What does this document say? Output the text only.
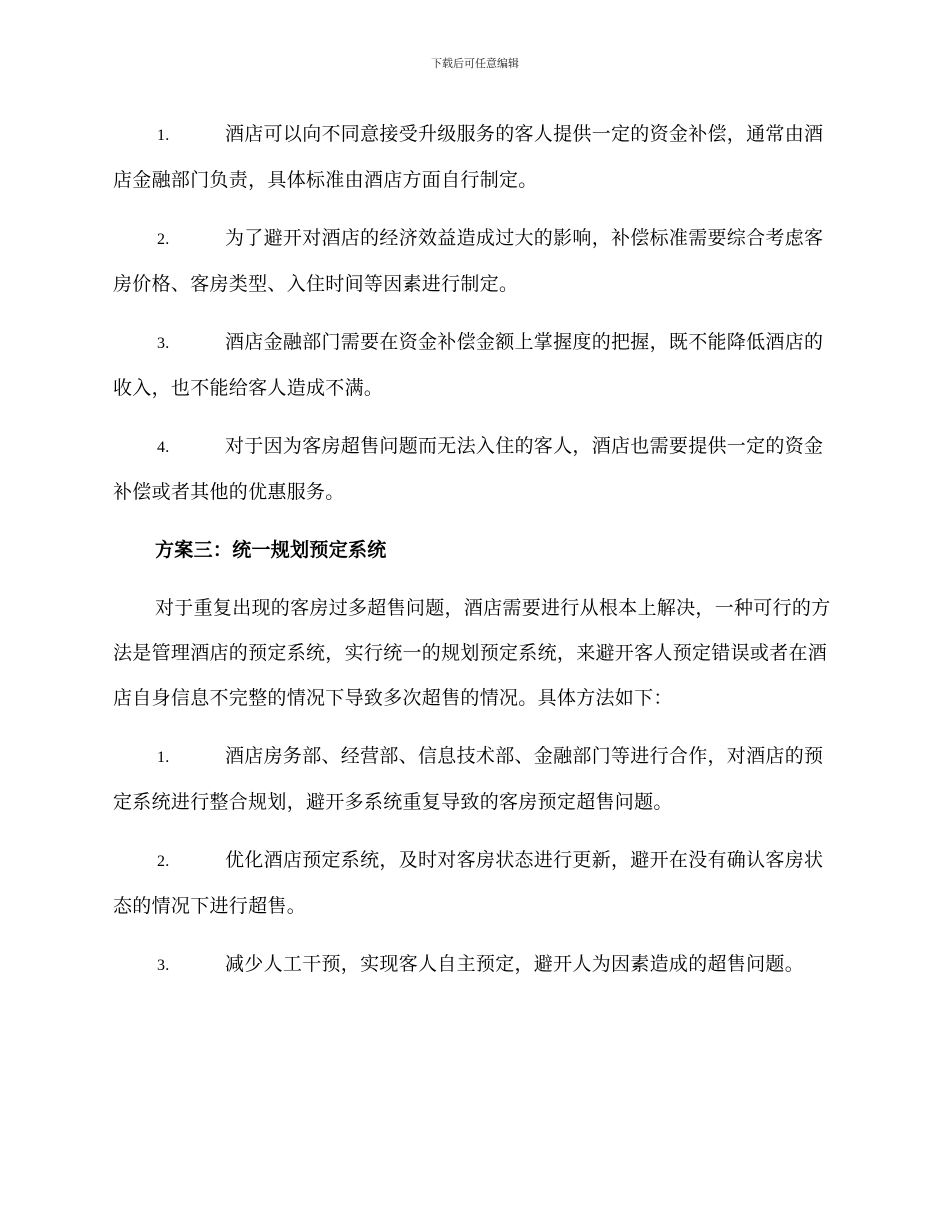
下载后可任意编辑
1.	酒店可以向不同意接受升级服务的客人提供一定的资金补偿，通常由酒店金融部门负责，具体标准由酒店方面自行制定。
2.	为了避开对酒店的经济效益造成过大的影响，补偿标准需要综合考虑客房价格、客房类型、入住时间等因素进行制定。
3.	酒店金融部门需要在资金补偿金额上掌握度的把握，既不能降低酒店的收入，也不能给客人造成不满。
4.	对于因为客房超售问题而无法入住的客人，酒店也需要提供一定的资金补偿或者其他的优惠服务。
方案三：统一规划预定系统
对于重复出现的客房过多超售问题，酒店需要进行从根本上解决，一种可行的方法是管理酒店的预定系统，实行统一的规划预定系统，来避开客人预定错误或者在酒店自身信息不完整的情况下导致多次超售的情况。具体方法如下：
1.	酒店房务部、经营部、信息技术部、金融部门等进行合作，对酒店的预定系统进行整合规划，避开多系统重复导致的客房预定超售问题。
2.	优化酒店预定系统，及时对客房状态进行更新，避开在没有确认客房状态的情况下进行超售。
3.	减少人工干预，实现客人自主预定，避开人为因素造成的超售问题。
